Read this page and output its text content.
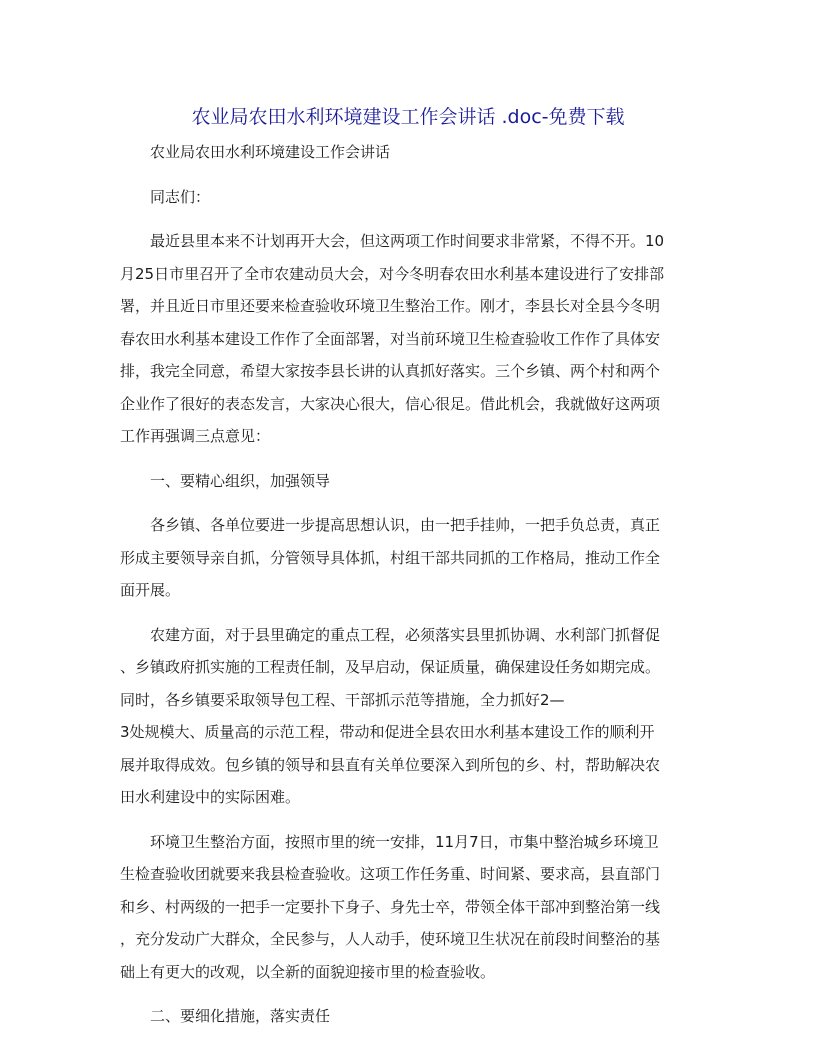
农业局农田水利环境建设工作会讲话 .doc-免费下载
农业局农田水利环境建设工作会讲话
同志们：
最近县里本来不计划再开大会，但这两项工作时间要求非常紧，不得不开。10
月25日市里召开了全市农建动员大会，对今冬明春农田水利基本建设进行了安排部
署，并且近日市里还要来检查验收环境卫生整治工作。刚才，李县长对全县今冬明
春农田水利基本建设工作作了全面部署，对当前环境卫生检查验收工作作了具体安
排，我完全同意，希望大家按李县长讲的认真抓好落实。三个乡镇、两个村和两个
企业作了很好的表态发言，大家决心很大，信心很足。借此机会，我就做好这两项
工作再强调三点意见：
一、要精心组织，加强领导
各乡镇、各单位要进一步提高思想认识，由一把手挂帅，一把手负总责，真正
形成主要领导亲自抓，分管领导具体抓，村组干部共同抓的工作格局，推动工作全
面开展。
农建方面，对于县里确定的重点工程，必须落实县里抓协调、水利部门抓督促
、乡镇政府抓实施的工程责任制，及早启动，保证质量，确保建设任务如期完成。
同时，各乡镇要采取领导包工程、干部抓示范等措施，全力抓好2—
3处规模大、质量高的示范工程，带动和促进全县农田水利基本建设工作的顺利开
展并取得成效。包乡镇的领导和县直有关单位要深入到所包的乡、村，帮助解决农
田水利建设中的实际困难。
环境卫生整治方面，按照市里的统一安排，11月7日，市集中整治城乡环境卫
生检查验收团就要来我县检查验收。这项工作任务重、时间紧、要求高，县直部门
和乡、村两级的一把手一定要扑下身子、身先士卒，带领全体干部冲到整治第一线
，充分发动广大群众，全民参与，人人动手，使环境卫生状况在前段时间整治的基
础上有更大的改观，以全新的面貌迎接市里的检查验收。
二、要细化措施，落实责任
